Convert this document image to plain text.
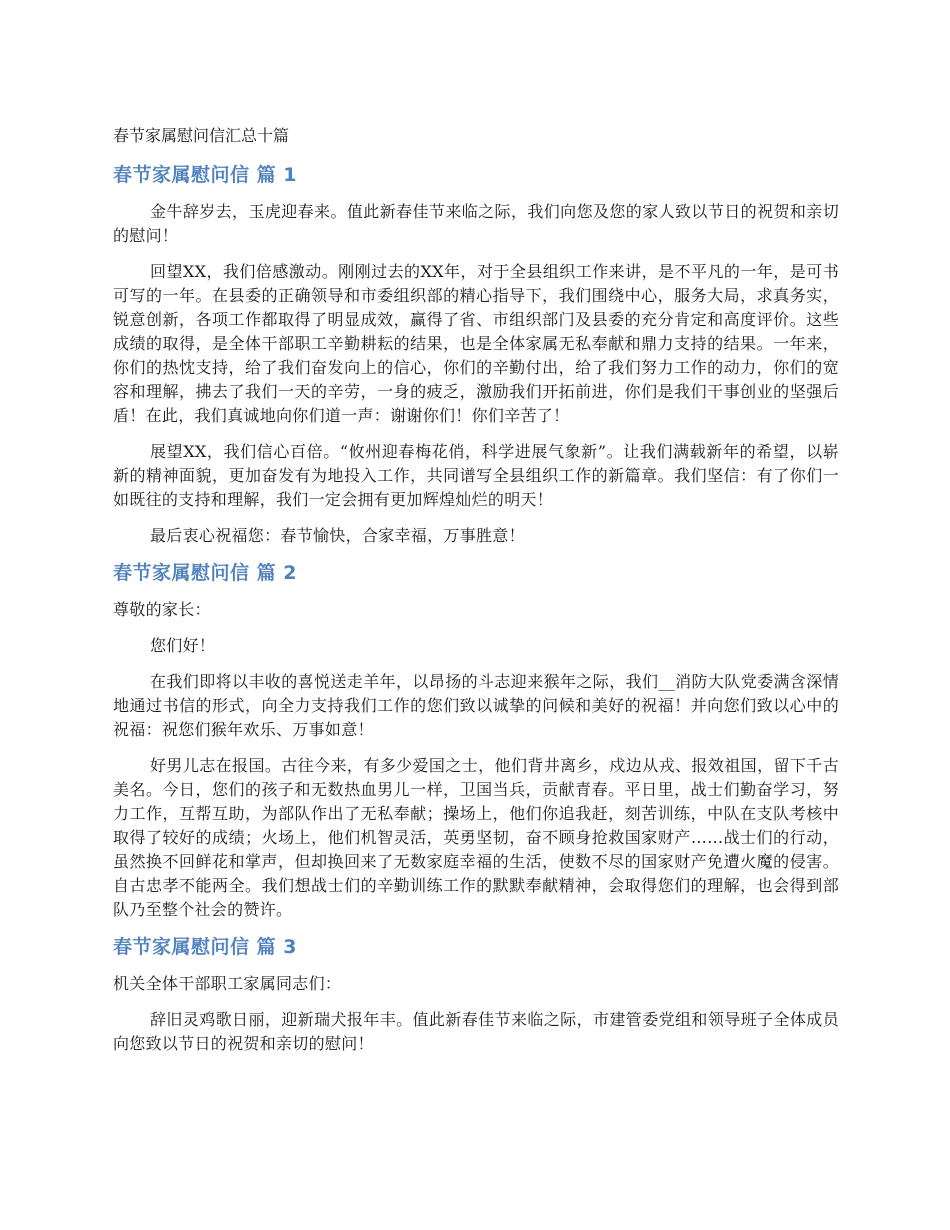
春节家属慰问信汇总十篇
春节家属慰问信 篇 1

金牛辞岁去，玉虎迎春来。值此新春佳节来临之际，我们向您及您的家人致以节日的祝贺和亲切的慰问！

回望XX，我们倍感激动。刚刚过去的XX年，对于全县组织工作来讲，是不平凡的一年，是可书可写的一年。在县委的正确领导和市委组织部的精心指导下，我们围绕中心，服务大局，求真务实，锐意创新，各项工作都取得了明显成效，赢得了省、市组织部门及县委的充分肯定和高度评价。这些成绩的取得，是全体干部职工辛勤耕耘的结果，也是全体家属无私奉献和鼎力支持的结果。一年来，你们的热忱支持，给了我们奋发向上的信心，你们的辛勤付出，给了我们努力工作的动力，你们的宽容和理解，拂去了我们一天的辛劳，一身的疲乏，激励我们开拓前进，你们是我们干事创业的坚强后盾！在此，我们真诚地向你们道一声：谢谢你们！你们辛苦了！

展望XX，我们信心百倍。“攸州迎春梅花俏，科学进展气象新”。让我们满载新年的希望，以崭新的精神面貌，更加奋发有为地投入工作，共同谱写全县组织工作的新篇章。我们坚信：有了你们一如既往的支持和理解，我们一定会拥有更加辉煌灿烂的明天！

最后衷心祝福您：春节愉快，合家幸福，万事胜意！

春节家属慰问信 篇 2

尊敬的家长：

您们好！

在我们即将以丰收的喜悦送走羊年，以昂扬的斗志迎来猴年之际，我们__消防大队党委满含深情地通过书信的形式，向全力支持我们工作的您们致以诚挚的问候和美好的祝福！并向您们致以心中的祝福：祝您们猴年欢乐、万事如意！

好男儿志在报国。古往今来，有多少爱国之士，他们背井离乡，戍边从戎、报效祖国，留下千古美名。今日，您们的孩子和无数热血男儿一样，卫国当兵，贡献青春。平日里，战士们勤奋学习，努力工作，互帮互助，为部队作出了无私奉献；操场上，他们你追我赶，刻苦训练，中队在支队考核中取得了较好的成绩；火场上，他们机智灵活，英勇坚韧，奋不顾身抢救国家财产……战士们的行动，虽然换不回鲜花和掌声，但却换回来了无数家庭幸福的生活，使数不尽的国家财产免遭火魔的侵害。自古忠孝不能两全。我们想战士们的辛勤训练工作的默默奉献精神，会取得您们的理解，也会得到部队乃至整个社会的赞许。

春节家属慰问信 篇 3

机关全体干部职工家属同志们：

辞旧灵鸡歌日丽，迎新瑞犬报年丰。值此新春佳节来临之际，市建管委党组和领导班子全体成员向您致以节日的祝贺和亲切的慰问！
